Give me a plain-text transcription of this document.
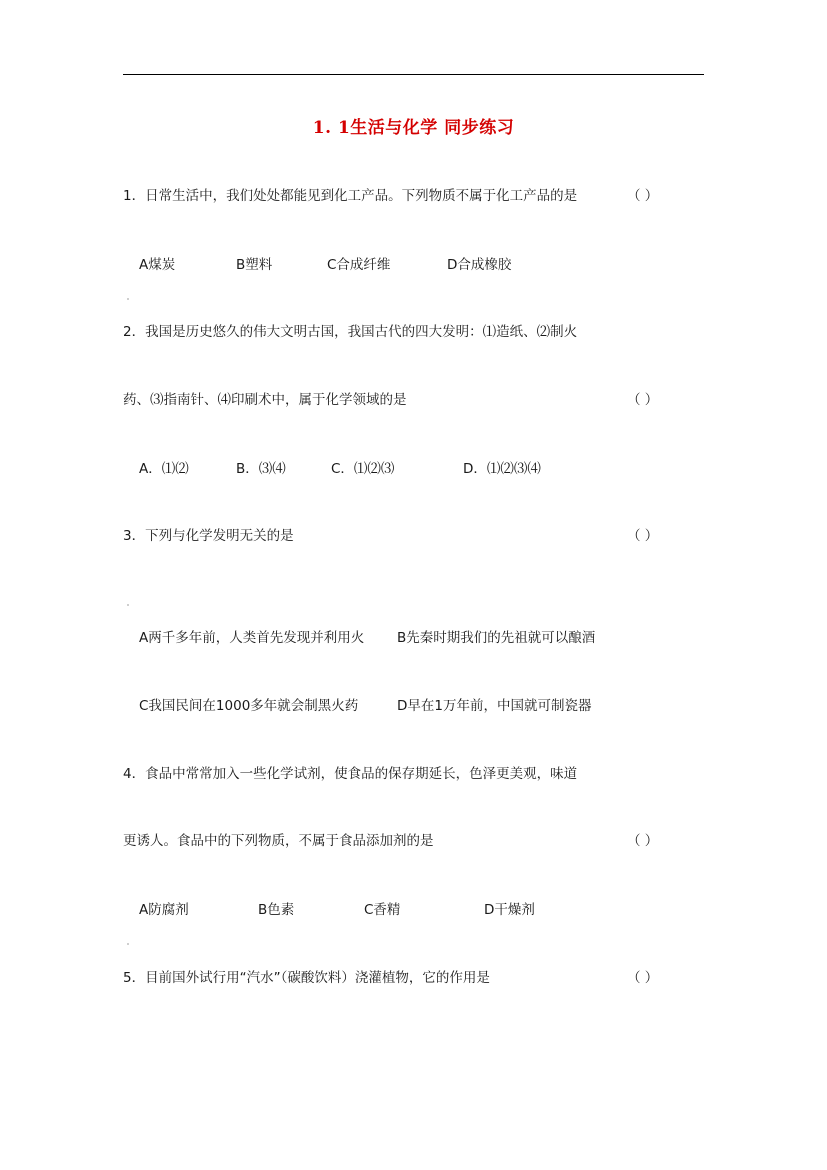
1. 1生活与化学 同步练习
1．日常生活中，我们处处都能见到化工产品。下列物质不属于化工产品的是	（ ）
A煤炭	B塑料	C合成纤维	D合成橡胶
2．我国是历史悠久的伟大文明古国，我国古代的四大发明：⑴造纸、⑵制火
药、⑶指南针、⑷印刷术中，属于化学领域的是	（ ）
A．⑴⑵	B．⑶⑷	C．⑴⑵⑶	D．⑴⑵⑶⑷
3．下列与化学发明无关的是	（ ）
A两千多年前，人类首先发现并利用火 B先秦时期我们的先祖就可以酿酒
C我国民间在1000多年就会制黑火药	D早在1万年前，中国就可制瓷器
4．食品中常常加入一些化学试剂，使食品的保存期延长，色泽更美观，味道
更诱人。食品中的下列物质，不属于食品添加剂的是	（ ）
A防腐剂	B色素	C香精	D干燥剂
5．目前国外试行用“汽水”（碳酸饮料）浇灌植物，它的作用是	（ ）
